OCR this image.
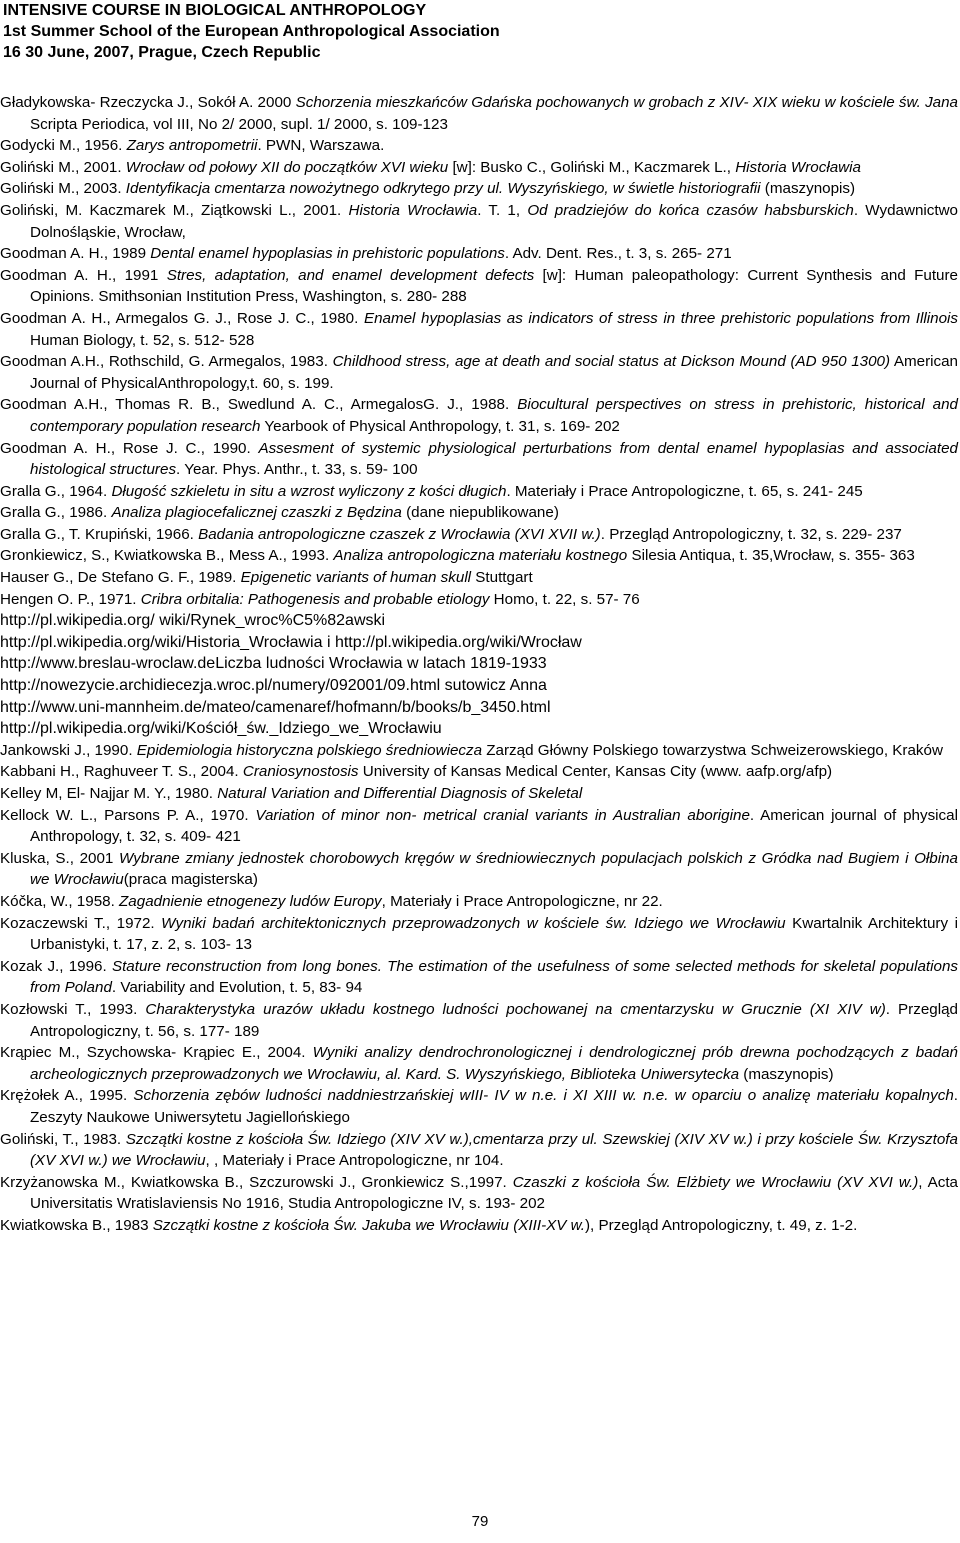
INTENSIVE COURSE IN BIOLOGICAL ANTHROPOLOGY
1st Summer School of the European Anthropological Association
16 30 June, 2007, Prague, Czech Republic

Gładykowska- Rzeczycka J., Sokół A. 2000 Schorzenia mieszkańców Gdańska pochowanych w grobach z XIV- XIX wieku w kościele św. Jana Scripta Periodica, vol III, No 2/ 2000, supl. 1/ 2000, s. 109-123

Godycki M., 1956. Zarys antropometrii. PWN, Warszawa.

Goliński M., 2001. Wrocław od połowy XII do początków XVI wieku [w]: Busko C., Goliński M., Kaczmarek L., Historia Wrocławia

Goliński M., 2003. Identyfikacja cmentarza nowożytnego odkrytego przy ul. Wyszyńskiego, w świetle historiografii (maszynopis)

Goliński, M. Kaczmarek M., Ziątkowski L., 2001. Historia Wrocławia. T. 1, Od pradziejów do końca czasów habsburskich. Wydawnictwo Dolnośląskie, Wrocław,

Goodman A. H., 1989 Dental enamel hypoplasias in prehistoric populations. Adv. Dent. Res., t. 3, s. 265- 271

Goodman A. H., 1991 Stres, adaptation, and enamel development defects [w]: Human paleopathology: Current Synthesis and Future Opinions. Smithsonian Institution Press, Washington, s. 280- 288

Goodman A. H., Armegalos G. J., Rose J. C., 1980. Enamel hypoplasias as indicators of stress in three prehistoric populations from Illinois Human Biology, t. 52, s. 512- 528

Goodman A.H., Rothschild, G. Armegalos, 1983. Childhood stress, age at death and social status at Dickson Mound (AD 950 1300) American Journal of PhysicalAnthropology,t. 60, s. 199.

Goodman A.H., Thomas R. B., Swedlund A. C., ArmegalosG. J., 1988. Biocultural perspectives on stress in prehistoric, historical and contemporary population research Yearbook of Physical Anthropology, t. 31, s. 169- 202

Goodman A. H., Rose J. C., 1990. Assesment of systemic physiological perturbations from dental enamel hypoplasias and associated histological structures. Year. Phys. Anthr., t. 33, s. 59- 100

Gralla G., 1964. Długość szkieletu in situ a wzrost wyliczony z kości długich. Materiały i Prace Antropologiczne, t. 65, s. 241- 245

Gralla G., 1986. Analiza plagiocefalicznej czaszki z Będzina (dane niepublikowane)

Gralla G., T. Krupiński, 1966. Badania antropologiczne czaszek z Wrocławia (XVI XVII w.). Przegląd Antropologiczny, t. 32, s. 229- 237

Gronkiewicz, S., Kwiatkowska B., Mess A., 1993. Analiza antropologiczna materiału kostnego Silesia Antiqua, t. 35,Wrocław, s. 355- 363

Hauser G., De Stefano G. F., 1989. Epigenetic variants of human skull Stuttgart

Hengen O. P., 1971. Cribra orbitalia: Pathogenesis and probable etiology Homo, t. 22, s. 57- 76

http://pl.wikipedia.org/ wiki/Rynek_wroc%C5%82awski

http://pl.wikipedia.org/wiki/Historia_Wrocławia i http://pl.wikipedia.org/wiki/Wrocław

http://www.breslau-wroclaw.deLiczba ludności Wrocławia w latach 1819-1933

http://nowezycie.archidiecezja.wroc.pl/numery/092001/09.html sutowicz Anna

http://www.uni-mannheim.de/mateo/camenaref/hofmann/b/books/b_3450.html

http://pl.wikipedia.org/wiki/Kościół_św._Idziego_we_Wrocławiu

Jankowski J., 1990. Epidemiologia historyczna polskiego średniowiecza Zarząd Główny Polskiego towarzystwa Schweizerowskiego, Kraków

Kabbani H., Raghuveer T. S., 2004. Craniosynostosis University of Kansas Medical Center, Kansas City (www. aafp.org/afp)

Kelley M, El- Najjar M. Y., 1980. Natural Variation and Differential Diagnosis of Skeletal

Kellock W. L., Parsons P. A., 1970. Variation of minor non- metrical cranial variants in Australian aborigine. American journal of physical Anthropology, t. 32, s. 409- 421

Kluska, S., 2001 Wybrane zmiany jednostek chorobowych kręgów w średniowiecznych populacjach polskich z Gródka nad Bugiem i Ołbina we Wrocławiu(praca magisterska)

Kóčka, W., 1958. Zagadnienie etnogenezy ludów Europy, Materiały i Prace Antropologiczne, nr 22.

Kozaczewski T., 1972. Wyniki badań architektonicznych przeprowadzonych w kościele św. Idziego we Wrocławiu Kwartalnik Architektury i Urbanistyki, t. 17, z. 2, s. 103- 13

Kozak J., 1996. Stature reconstruction from long bones. The estimation of the usefulness of some selected methods for skeletal populations from Poland. Variability and Evolution, t. 5, 83- 94

Kozłowski T., 1993. Charakterystyka urazów układu kostnego ludności pochowanej na cmentarzysku w Grucznie (XI XIV w). Przegląd Antropologiczny, t. 56, s. 177- 189

Krąpiec M., Szychowska- Krąpiec E., 2004. Wyniki analizy dendrochronologicznej i dendrologicznej prób drewna pochodzących z badań archeologicznych przeprowadzonych we Wrocławiu, al. Kard. S. Wyszyńskiego, Biblioteka Uniwersytecka (maszynopis)

Krężołek A., 1995. Schorzenia zębów ludności naddniestrzańskiej wIII- IV w n.e. i XI XIII w. n.e. w oparciu o analizę materiału kopalnych. Zeszyty Naukowe Uniwersytetu Jagiellońskiego

Goliński, T., 1983. Szczątki kostne z kościoła Św. Idziego (XIV XV w.),cmentarza przy ul. Szewskiej (XIV XV w.) i przy kościele Św. Krzysztofa (XV XVI w.) we Wrocławiu, , Materiały i Prace Antropologiczne, nr 104.

Krzyżanowska M., Kwiatkowska B., Szczurowski J., Gronkiewicz S.,1997. Czaszki z kościoła Św. Elżbiety we Wrocławiu (XV XVI w.), Acta Universitatis Wratislaviensis No 1916, Studia Antropologiczne IV, s. 193- 202

Kwiatkowska B., 1983 Szczątki kostne z kościoła Św. Jakuba we Wrocławiu (XIII-XV w.), Przegląd Antropologiczny, t. 49, z. 1-2.

79
